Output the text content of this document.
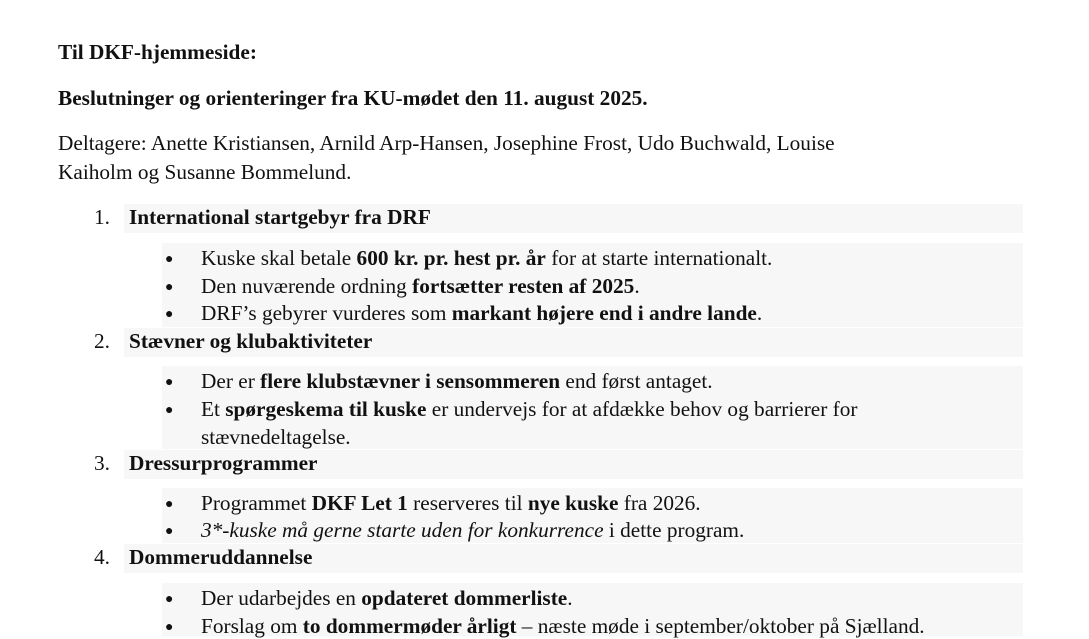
Til DKF-hjemmeside:
Beslutninger og orienteringer fra KU-mødet den 11. august 2025.
Deltagere: Anette Kristiansen, Arnild Arp-Hansen, Josephine Frost, Udo Buchwald, Louise
Kaiholm og Susanne Bommelund.
1. International startgebyr fra DRF
● Kuske skal betale 600 kr. pr. hest pr. år for at starte internationalt.
● Den nuværende ordning fortsætter resten af 2025.
● DRF’s gebyrer vurderes som markant højere end i andre lande.
2. Stævner og klubaktiviteter
● Der er flere klubstævner i sensommeren end først antaget.
● Et spørgeskema til kuske er undervejs for at afdække behov og barrierer for
stævnedeltagelse.
3. Dressurprogrammer
● Programmet DKF Let 1 reserveres til nye kuske fra 2026.
● 3*-kuske må gerne starte uden for konkurrence i dette program.
4. Dommeruddannelse
● Der udarbejdes en opdateret dommerliste.
● Forslag om to dommermøder årligt – næste møde i september/oktober på Sjælland.
